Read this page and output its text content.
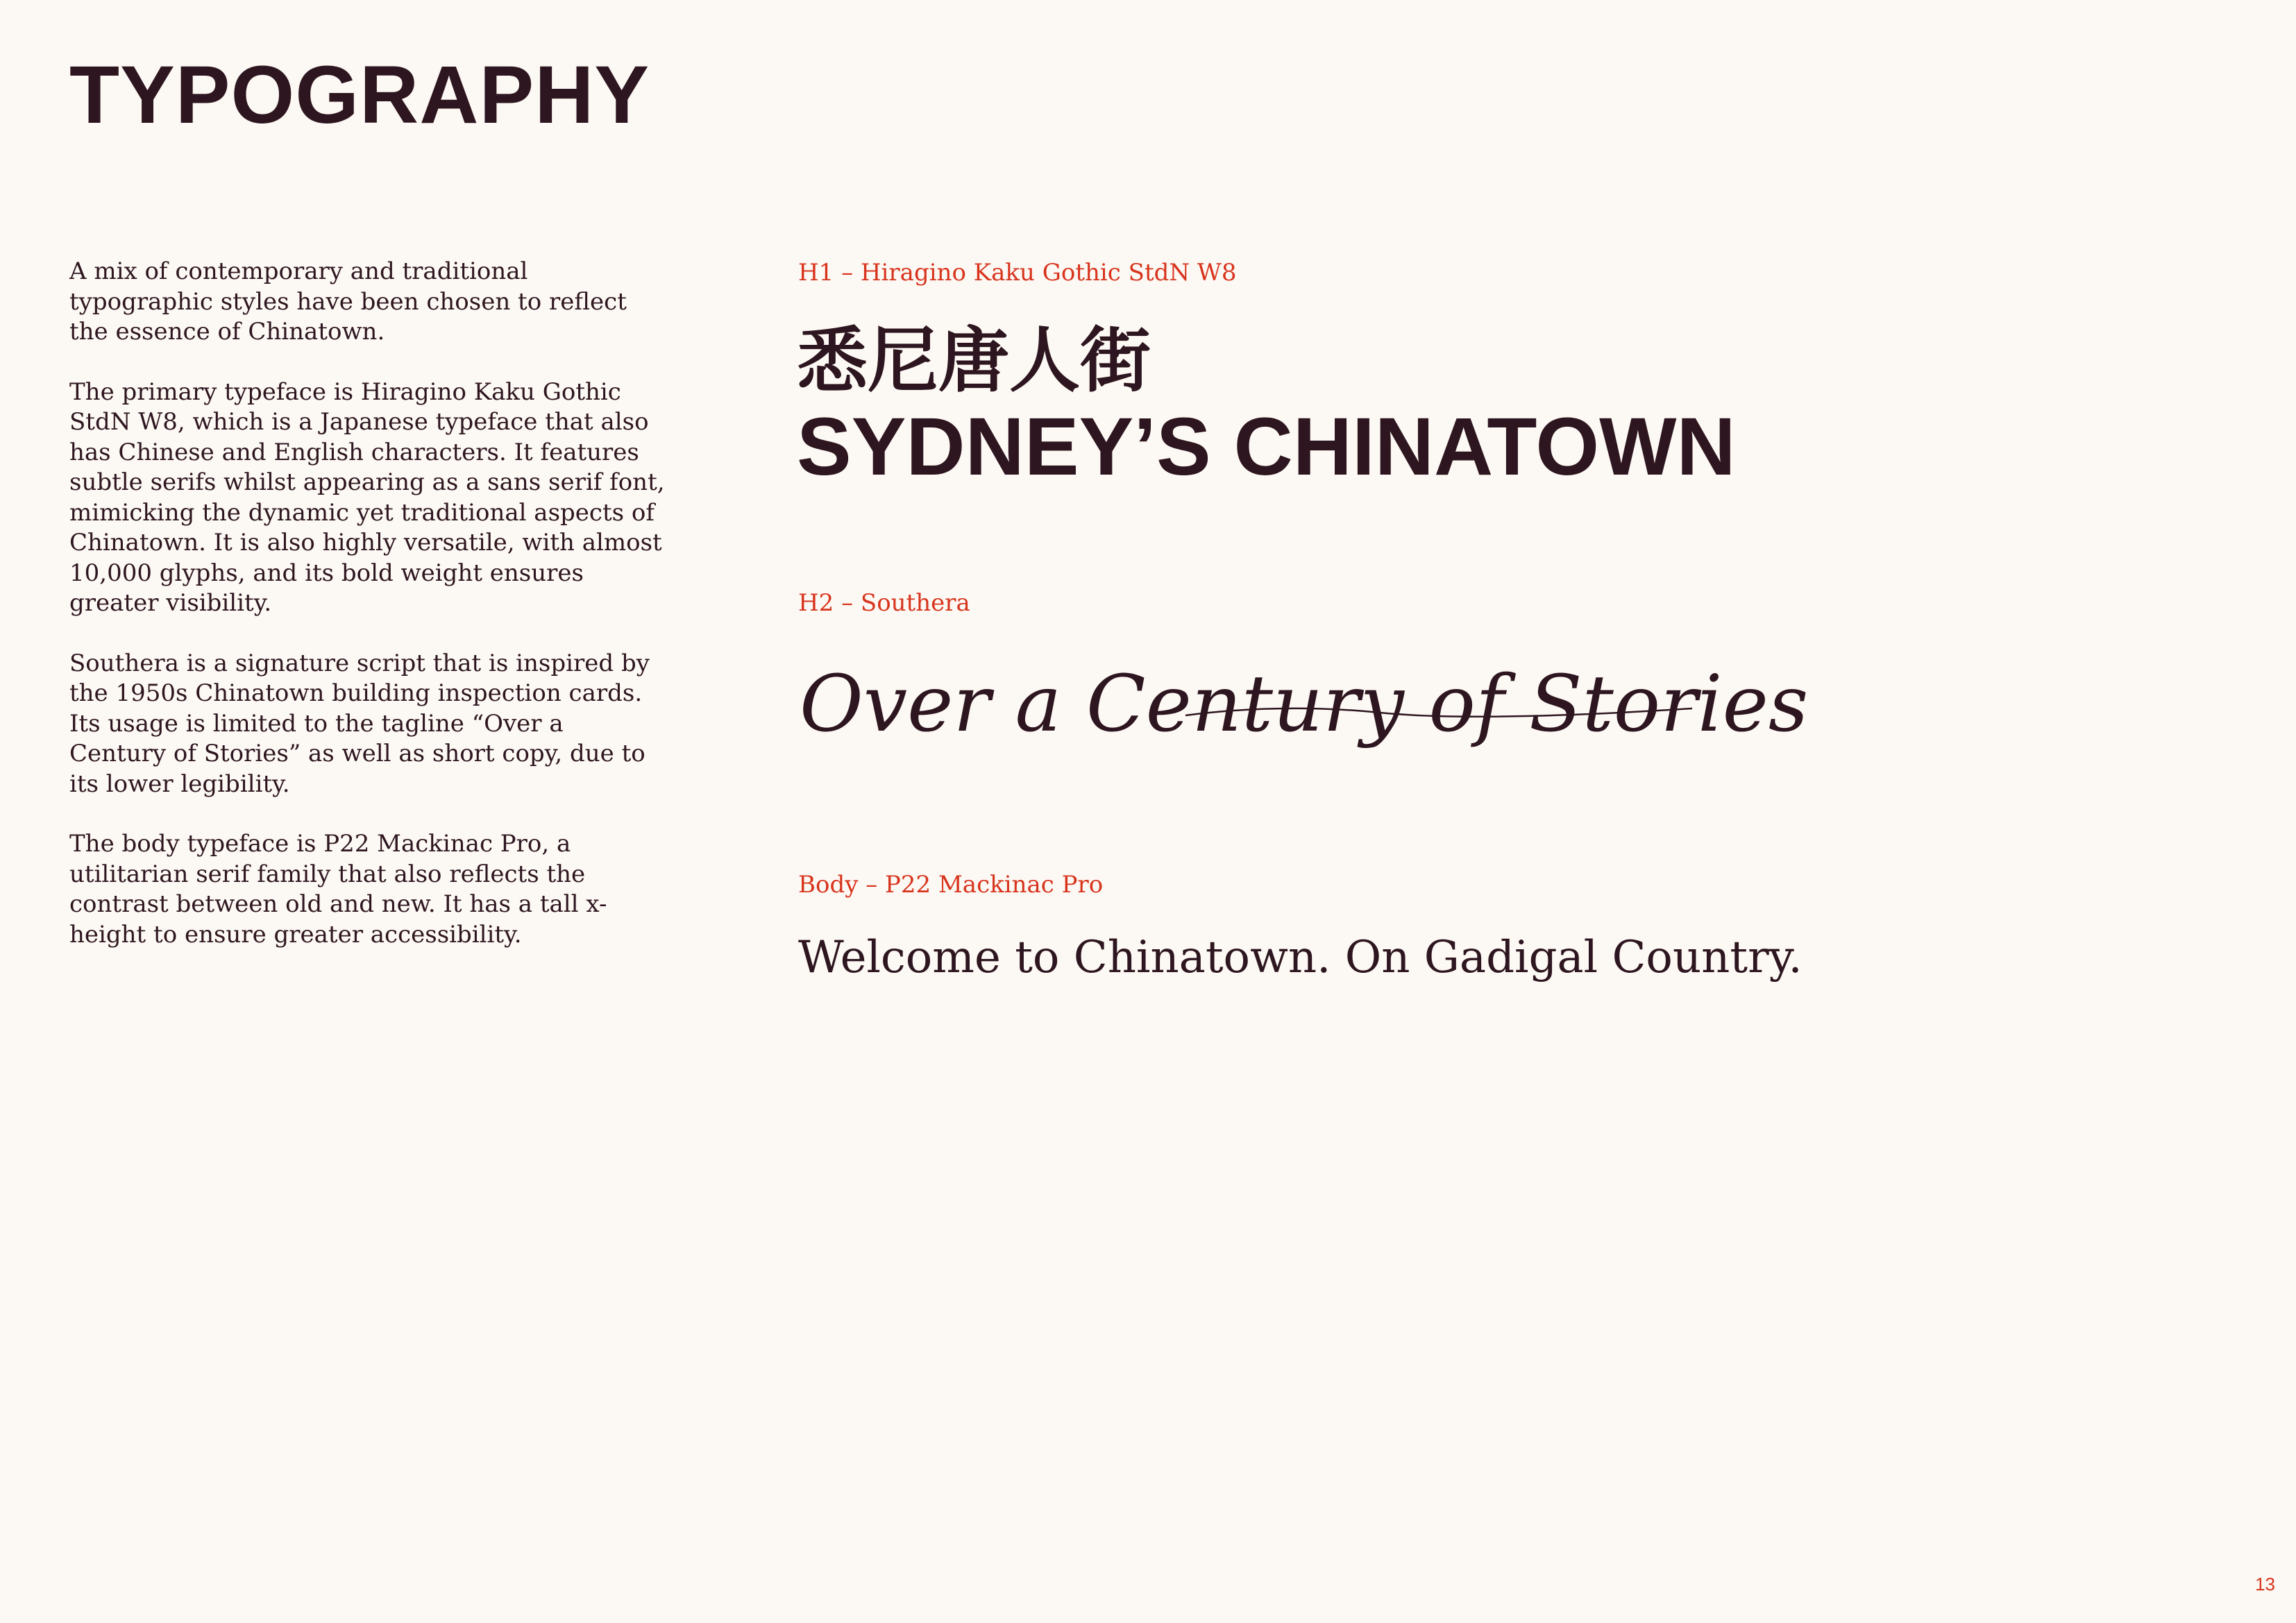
TYPOGRAPHY

A mix of contemporary and traditional typographic styles have been chosen to reflect the essence of Chinatown.

The primary typeface is Hiragino Kaku Gothic StdN W8, which is a Japanese typeface that also has Chinese and English characters. It features subtle serifs whilst appearing as a sans serif font, mimicking the dynamic yet traditional aspects of Chinatown. It is also highly versatile, with almost 10,000 glyphs, and its bold weight ensures greater visibility.

Southera is a signature script that is inspired by the 1950s Chinatown building inspection cards. Its usage is limited to the tagline “Over a Century of Stories” as well as short copy, due to its lower legibility.

The body typeface is P22 Mackinac Pro, a utilitarian serif family that also reflects the contrast between old and new. It has a tall x-height to ensure greater accessibility.

H1 – Hiragino Kaku Gothic StdN W8
悉尼唐人街
SYDNEY’S CHINATOWN
H2 – Southera
Over a Century of Stories
Body – P22 Mackinac Pro
Welcome to Chinatown. On Gadigal Country.
13
